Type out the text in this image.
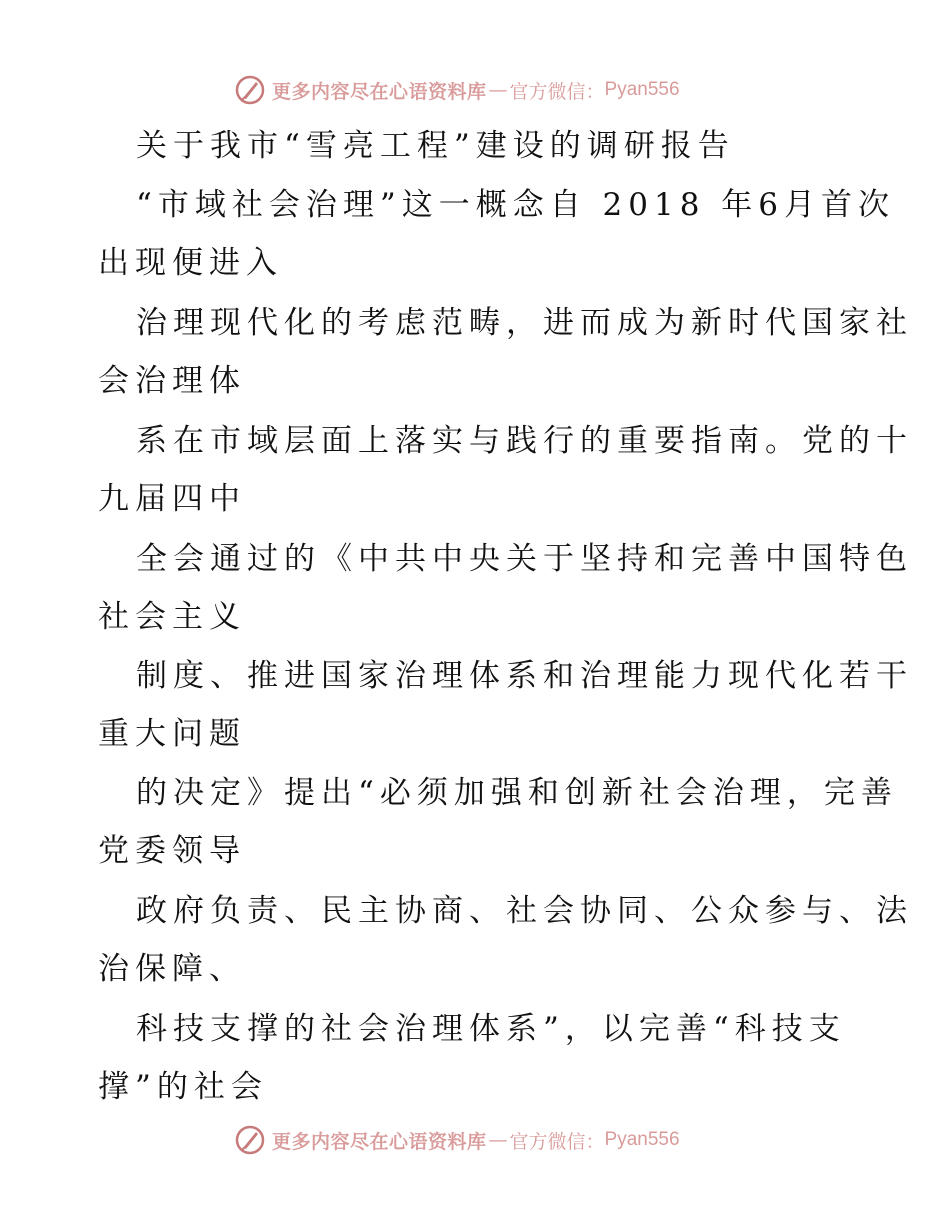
更多内容尽在心语资料库 — 官方微信： Pyan556
关于我市“雪亮工程”建设的调研报告
“市域社会治理”这一概念自 2018 年6月首次
出现便进入
治理现代化的考虑范畴，进而成为新时代国家社
会治理体
系在市域层面上落实与践行的重要指南。党的十
九届四中
全会通过的《中共中央关于坚持和完善中国特色
社会主义
制度、推进国家治理体系和治理能力现代化若干
重大问题
的决定》提出“必须加强和创新社会治理，完善
党委领导
政府负责、民主协商、社会协同、公众参与、法
治保障、
科技支撑的社会治理体系”，以完善“科技支
撑”的社会
更多内容尽在心语资料库 — 官方微信： Pyan556
